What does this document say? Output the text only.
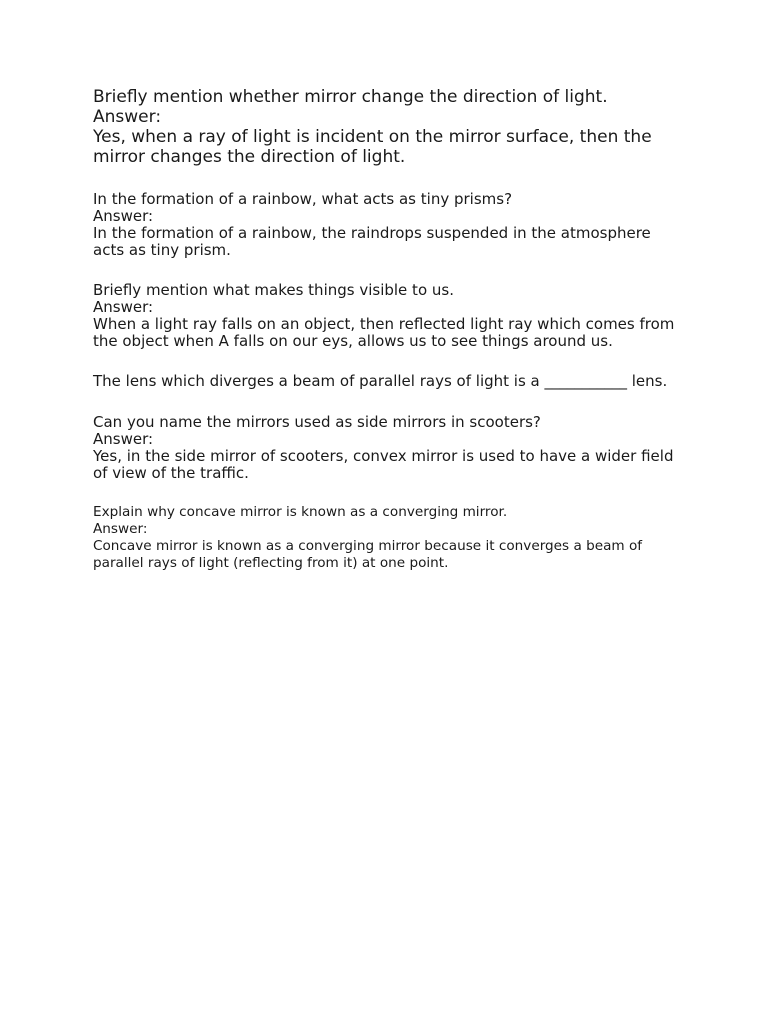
Briefly mention whether mirror change the direction of light.

Answer:

Yes, when a ray of light is incident on the mirror surface, then the mirror changes the direction of light.

In the formation of a rainbow, what acts as tiny prisms?

Answer:

In the formation of a rainbow, the raindrops suspended in the atmosphere acts as tiny prism.

Briefly mention what makes things visible to us.

Answer:

When a light ray falls on an object, then reflected light ray which comes from the object when A falls on our eys, allows us to see things around us.

The lens which diverges a beam of parallel rays of light is a ___________ lens.

Can you name the mirrors used as side mirrors in scooters?

Answer:

Yes, in the side mirror of scooters, convex mirror is used to have a wider field of view of the traffic.

Explain why concave mirror is known as a converging mirror.

Answer:

Concave mirror is known as a converging mirror because it converges a beam of parallel rays of light (reflecting from it) at one point.
